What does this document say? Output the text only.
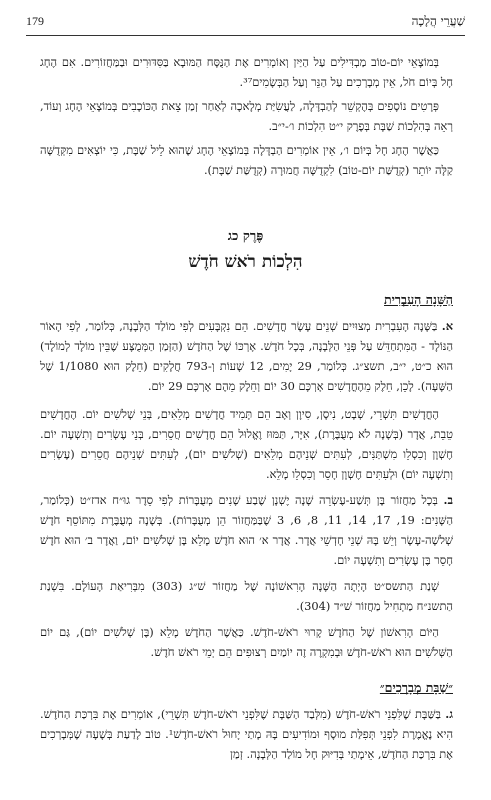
179	שַׁעֲרֵי הֲלָכָה

בְּמוֹצָאֵי יוֹם-טוֹב מַבְדִּילִים עַל הַיַּיִן וְאוֹמְרִים אֶת הַנֻּסָּח הַמּוּבָא בַּסִּדּוּרִים וּבַמַּחֲזוֹרִים. אִם הֶחָג חָל בְּיוֹם חֹל, אֵין מְבָרְכִים עַל הַנֵּר וְעַל הַבְּשָׂמִים³⁷.

פְּרָטִים נוֹסָפִים בְּהֶקְשֵׁר לְהַבְדָּלָה, לַעֲשִׂיַּת מְלָאכָה לְאַחַר זְמַן צֵאת הַכּוֹכָבִים בְּמוֹצָאֵי הֶחָג וְעוֹד, רְאֵה בְּהִלְכוֹת שַׁבָּת בְּפֶרֶק י״ט הִלְכוֹת ו׳-י״ב.

כַּאֲשֶׁר הֶחָג חָל בְּיוֹם ו׳, אֵין אוֹמְרִים הַבְדָּלָה בְּמוֹצָאֵי הֶחָג שֶׁהוּא לֵיל שַׁבָּת, כִּי יוֹצְאִים מִקְּדֻשָּׁה קַלָּה יוֹתֵר (קְדֻשַּׁת יוֹם-טוֹב) לִקְדֻשָּׁה חֲמוּרָה (קְדֻשַּׁת שַׁבָּת).

פֶּרֶק כג
הִלְכוֹת רֹאשׁ חֹדֶשׁ

הַשָּׁנָה הָעִבְרִית

א. בַּשָּׁנָה הָעִבְרִית מְצוּיִים שְׁנֵים עָשָׂר חֳדָשִׁים. הֵם נִקְבָּעִים לְפִי מוֹלַד הַלְּבָנָה, כְּלוֹמַר, לְפִי הָאוֹר הַנּוֹלָד - הַמִּתְחַדֵּשׁ עַל פְּנֵי הַלְּבָנָה, בְּכָל חֹדֶשׁ. אָרְכּוֹ שֶׁל הַחֹדֶשׁ (הַזְּמַן הַמְּמֻצָּע שֶׁבֵּין מוֹלָד לְמוֹלָד) הוּא כ״ט, י״ב, תשצ״ג. כְּלוֹמַר, 29 יָמִים, 12 שָׁעוֹת וְ-793 חֲלָקִים (חֵלֶק הוּא 1/1080 שֶׁל הַשָּׁעָה). לָכֵן, חֵלֶק מֵהֶחֳדָשִׁים אָרְכָּם 30 יוֹם וְחֵלֶק מֵהֶם אָרְכָּם 29 יוֹם.

הֶחֳדָשִׁים תִּשְׁרֵי, שְׁבָט, נִיסָן, סִיוָן וְאָב הֵם תָּמִיד חֳדָשִׁים מְלֵאִים, בְּנֵי שְׁלֹשִׁים יוֹם. הֶחֳדָשִׁים טֵבֵת, אֲדָר (בְּשָׁנָה לֹא מְעֻבֶּרֶת), אִיָּר, תַּמּוּז וֶאֱלוּל הֵם חֳדָשִׁים חֲסֵרִים, בְּנֵי עֶשְׂרִים וְתִשְׁעָה יוֹם. חֶשְׁוָן וְכִסְלֵו מִשְׁתַּנִּים, לְעִתִּים שְׁנֵיהֶם מְלֵאִים (שְׁלֹשִׁים יוֹם), לְעִתִּים שְׁנֵיהֶם חֲסֵרִים (עֶשְׂרִים וְתִשְׁעָה יוֹם) וּלְעִתִּים חֶשְׁוָן חָסֵר וְכִסְלֵו מָלֵא.

ב. בְּכָל מַחֲזוֹר בֶּן תְּשַׁע-עֶשְׂרֵה שָׁנָה יֶשְׁנָן שֶׁבַע שָׁנִים מְעֻבָּרוֹת לְפִי סֵדֶר גוּ״ח אדז״ט (כְּלוֹמַר, הַשָּׁנִים: 19, 17, 14, 11, 8, 6, 3 שֶׁבַּמַּחֲזוֹר הֵן מְעֻבָּרוֹת). בְּשָׁנָה מְעֻבֶּרֶת מִתּוֹסֵף חֹדֶשׁ שְׁלֹשָׁה-עָשָׂר וְיֵשׁ בָּהּ שְׁנֵי חָדְשֵׁי אֲדָר. אֲדָר א׳ הוּא חֹדֶשׁ מָלֵא בֶּן שְׁלֹשִׁים יוֹם, וַאֲדָר ב׳ הוּא חֹדֶשׁ חָסֵר בֶּן עֶשְׂרִים וְתִשְׁעָה יוֹם.

שְׁנַת הַתשס״ט הָיְתָה הַשָּׁנָה הָרִאשׁוֹנָה שֶׁל מַחֲזוֹר שׁ״ג (303) מִבְּרִיאַת הָעוֹלָם. בִּשְׁנַת הַתשנ״ח מַתְחִיל מַחֲזוֹר שׁ״ד (304).

הַיּוֹם הָרִאשׁוֹן שֶׁל הַחֹדֶשׁ קָרוּי רֹאשׁ-חֹדֶשׁ. כַּאֲשֶׁר הַחֹדֶשׁ מָלֵא (בֶּן שְׁלֹשִׁים יוֹם), גַּם יוֹם הַשְּׁלֹשִׁים הוּא רֹאשׁ-חֹדֶשׁ וּבְמִקְרֶה זֶה יוֹמַיִם רְצוּפִים הֵם יְמֵי רֹאשׁ חֹדֶשׁ.

״שַׁבָּת מְבָרְכִים״

ג. בַּשַּׁבָּת שֶׁלִּפְנֵי רֹאשׁ-חֹדֶשׁ (מִלְּבַד הַשַּׁבָּת שֶׁלִּפְנֵי רֹאשׁ-חֹדֶשׁ תִּשְׁרֵי), אוֹמְרִים אֶת בִּרְכַּת הַחֹדֶשׁ. הִיא נֶאֱמֶרֶת לִפְנֵי תְּפִלַּת מוּסָף וּמוֹדִיעִים בָּהּ מָתַי יָחוּל רֹאשׁ-חֹדֶשׁ¹. טוֹב לָדַעַת בְּשָׁעָה שֶׁמְּבָרְכִים אֶת בִּרְכַּת הַחֹדֶשׁ, אֵימָתַי בְּדִיּוּק חָל מוֹלַד הַלְּבָנָה. זְמַן
